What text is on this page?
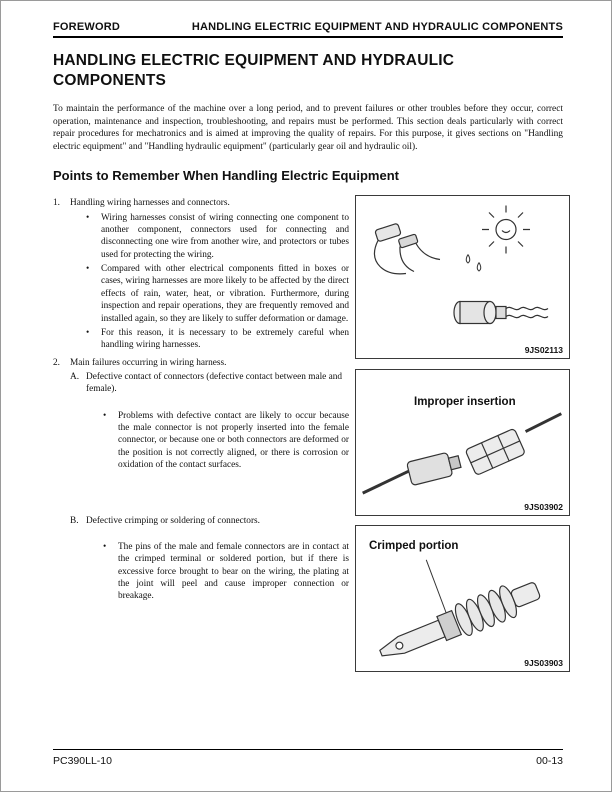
FOREWORD	HANDLING ELECTRIC EQUIPMENT AND HYDRAULIC COMPONENTS
HANDLING ELECTRIC EQUIPMENT AND HYDRAULIC COMPONENTS

To maintain the performance of the machine over a long period, and to prevent failures or other troubles before they occur, correct operation, maintenance and inspection, troubleshooting, and repairs must be performed. This section deals particularly with correct repair procedures for mechatronics and is aimed at improving the quality of repairs. For this purpose, it gives sections on "Handling electric equipment" and "Handling hydraulic equipment" (particularly gear oil and hydraulic oil).

Points to Remember When Handling Electric Equipment
1.	Handling wiring harnesses and connectors.

•	Wiring harnesses consist of wiring connecting one component to another component, connectors used for connecting and disconnecting one wire from another wire, and protectors or tubes used for protecting the wiring.

•	Compared with other electrical components fitted in boxes or cases, wiring harnesses are more likely to be affected by the direct effects of rain, water, heat, or vibration. Furthermore, during inspection and repair operations, they are frequently removed and installed again, so they are likely to suffer deformation or damage.

•	For this reason, it is necessary to be extremely careful when handling wiring harnesses.

2.	Main failures occurring in wiring harness.

A. Defective contact of connectors (defective contact between male and female).

•	Problems with defective contact are likely to occur because the male connector is not properly inserted into the female connector, or because one or both connectors are deformed or the position is not correctly aligned, or there is corrosion or oxidation of the contact surfaces.

B. Defective crimping or soldering of connectors.

•	The pins of the male and female connectors are in contact at the crimped terminal or soldered portion, but if there is excessive force brought to bear on the wiring, the plating at the joint will peel and cause improper connection or breakage.

9JS02113
Improper insertion
9JS03902
Crimped portion
9JS03903
PC390LL-10	00-13
